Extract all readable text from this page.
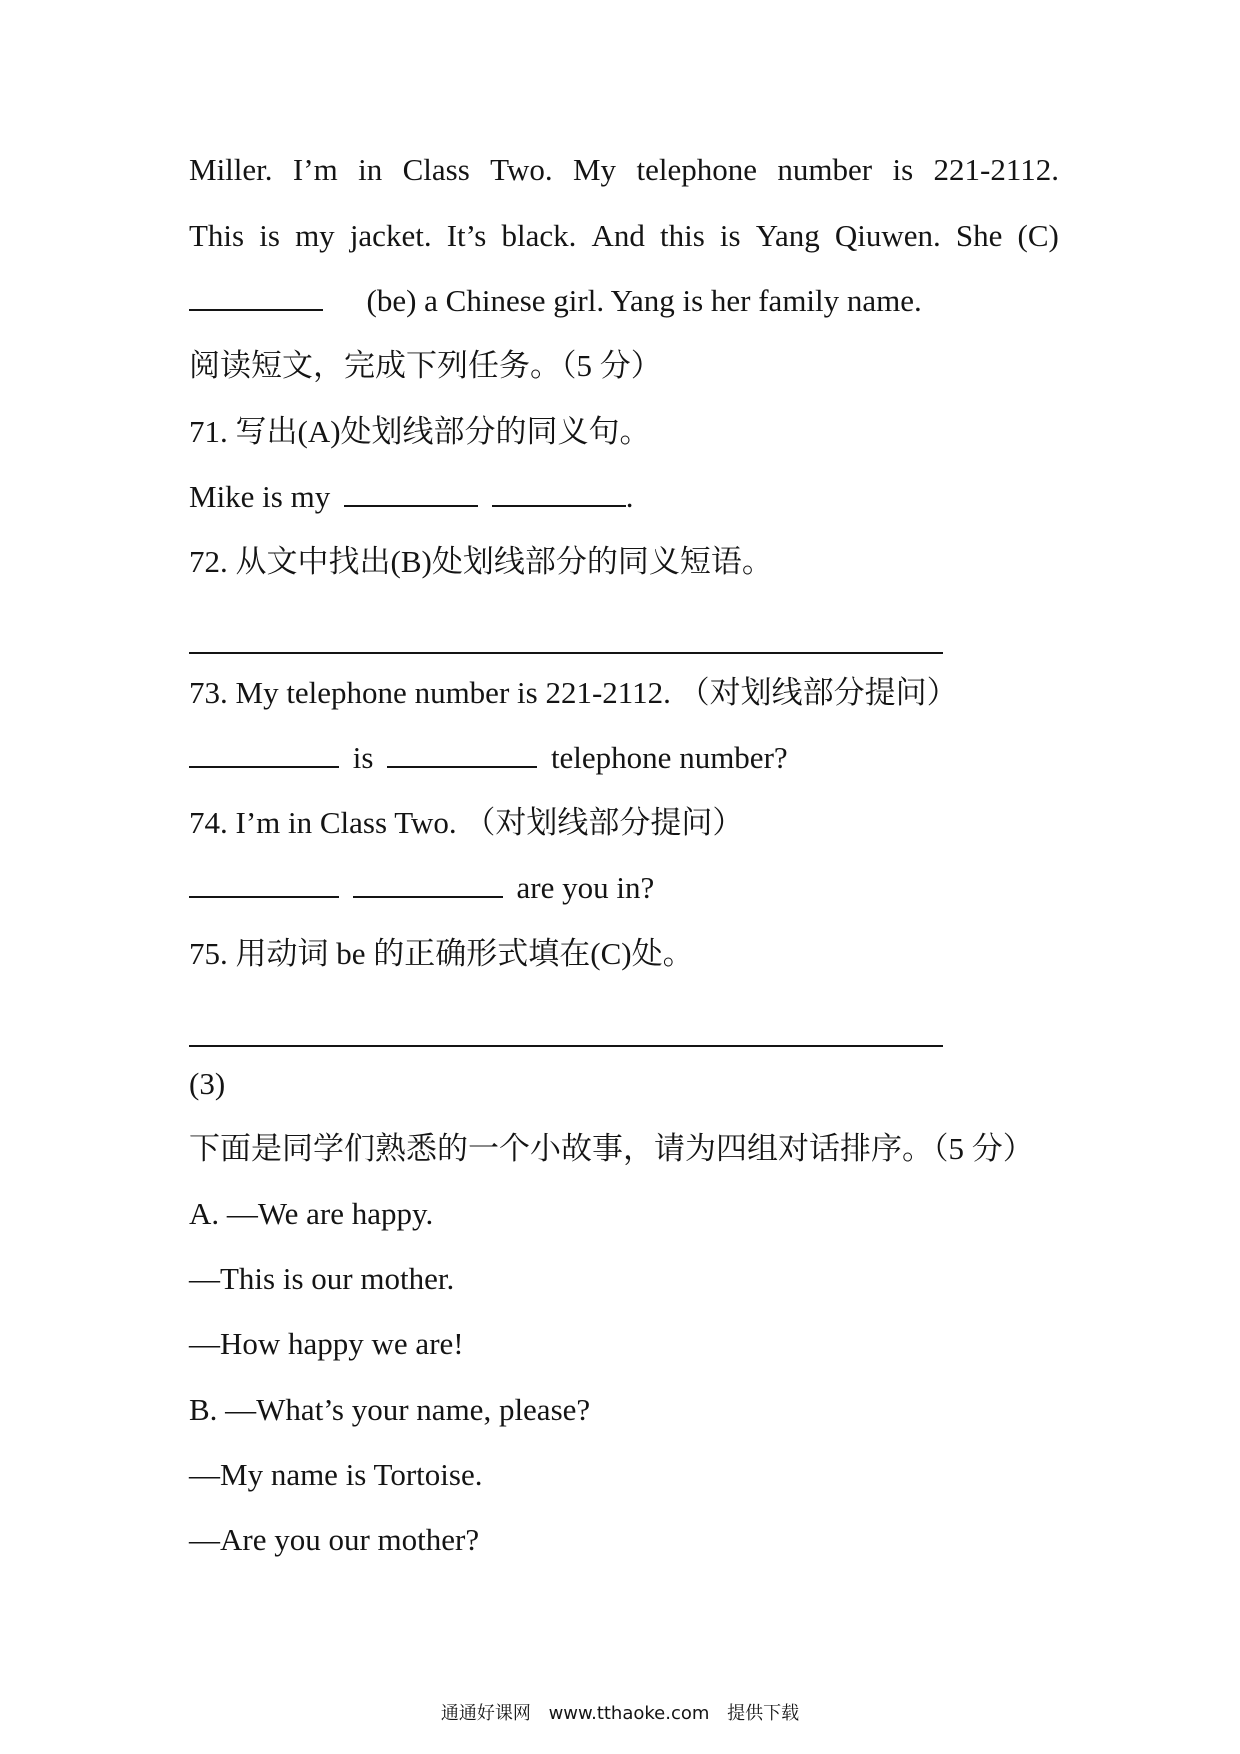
Miller. I’m in Class Two. My telephone number is 221-2112.
This is my jacket. It’s black. And this is Yang Qiuwen. She (C)
(be) a Chinese girl. Yang is her family name.
阅读短文，完成下列任务。（5 分）
71. 写出(A)处划线部分的同义句。
Mike is my	.
72. 从文中找出(B)处划线部分的同义短语。
73. My telephone number is 221-2112. （对划线部分提问）
is	telephone number?
74. I’m in Class Two. （对划线部分提问）
are you in?
75. 用动词 be 的正确形式填在(C)处。
(3)
下面是同学们熟悉的一个小故事，请为四组对话排序。（5 分）
A. —We are happy.
—This is our mother.
—How happy we are!
B. —What’s your name, please?
—My name is Tortoise.
—Are you our mother?
通通好课网 www.tthaoke.com 提供下载
